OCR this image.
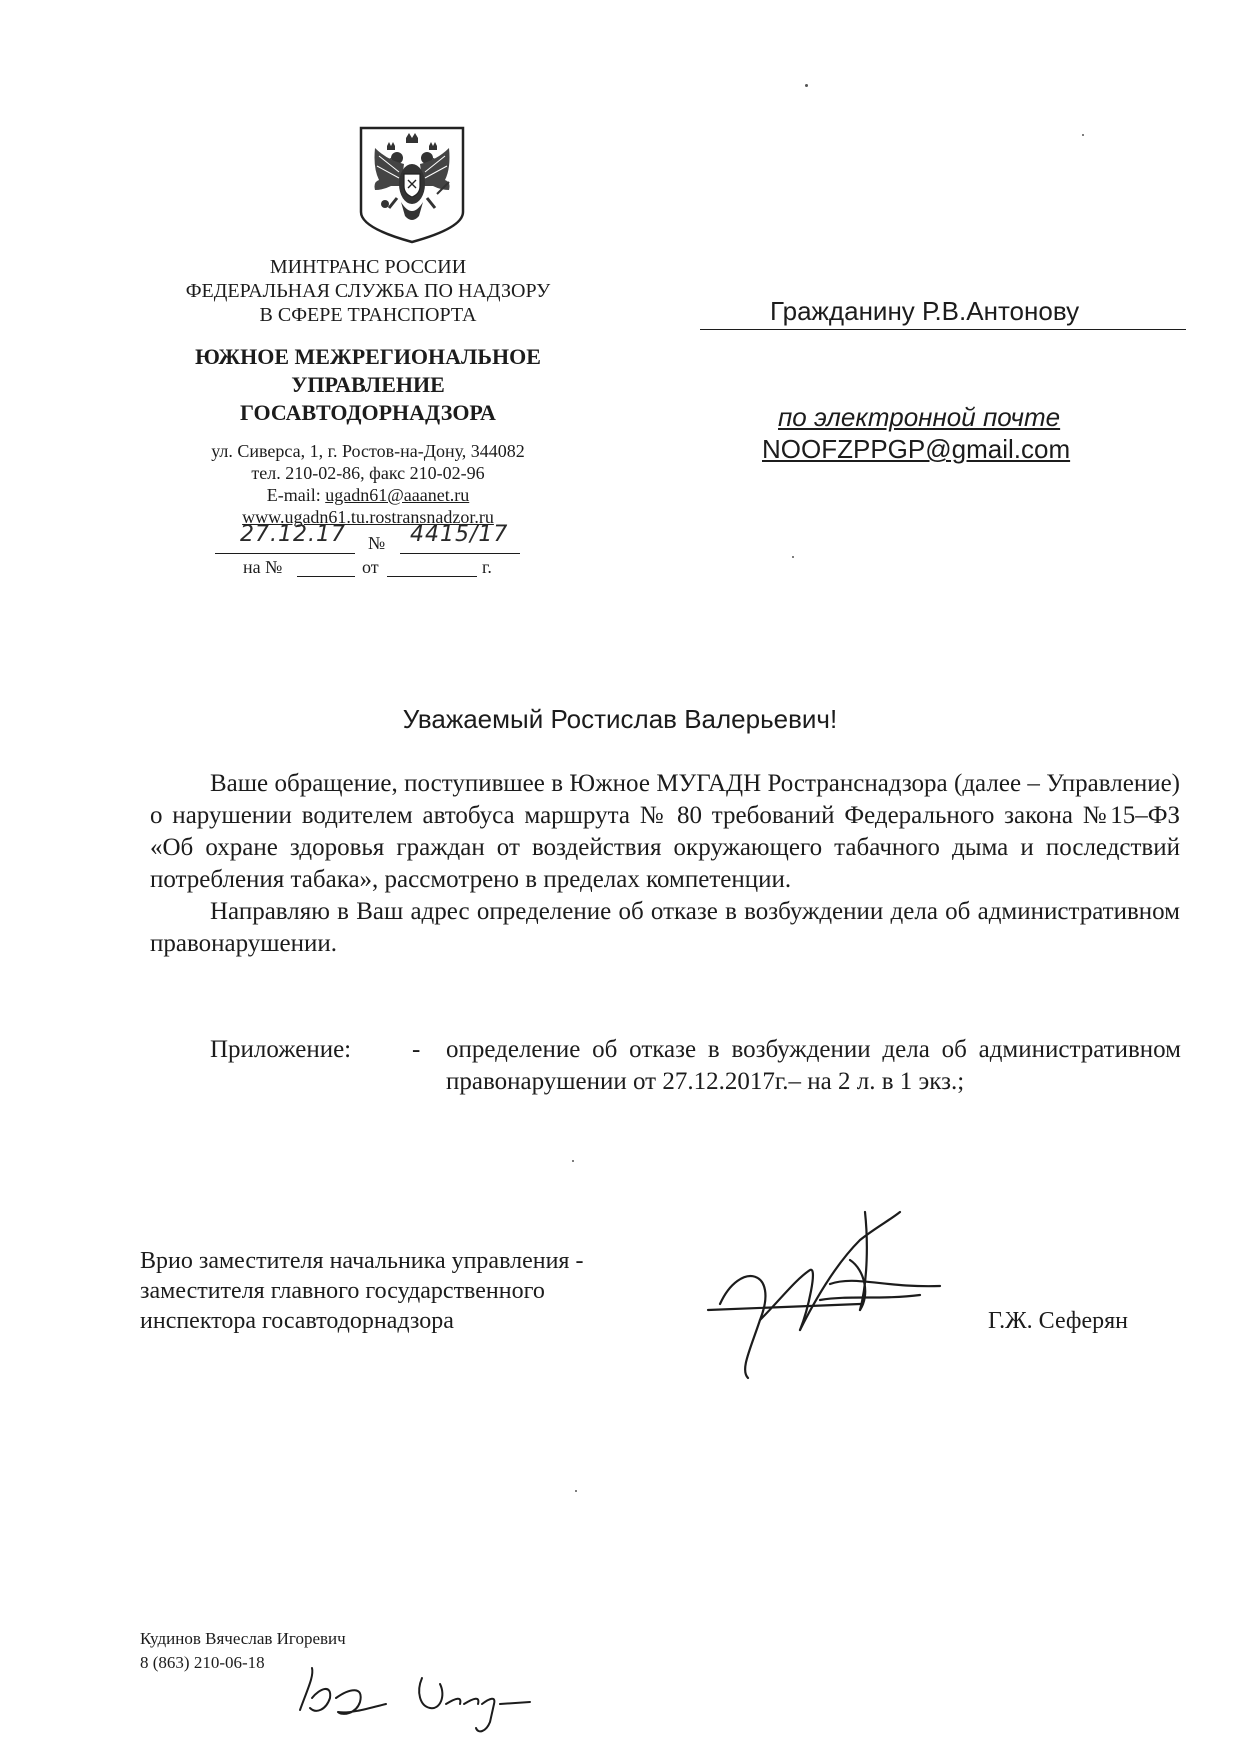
МИНТРАНС РОССИИ
ФЕДЕРАЛЬНАЯ СЛУЖБА ПО НАДЗОРУ
В СФЕРЕ ТРАНСПОРТА
ЮЖНОЕ МЕЖРЕГИОНАЛЬНОЕ
УПРАВЛЕНИЕ
ГОСАВТОДОРНАДЗОРА
ул. Сиверса, 1, г. Ростов-на-Дону, 344082
тел. 210-02-86, факс 210-02-96
E-mail: ugadn61@aaanet.ru
www.ugadn61.tu.rostransnadzor.ru
27.12.17 № 4415/17
на №	от	г.
Гражданину Р.В.Антонову
по электронной почте
NOOFZPPGP@gmail.com
Уважаемый Ростислав Валерьевич!

Ваше обращение, поступившее в Южное МУГАДН Ространснадзора (далее – Управление) о нарушении водителем автобуса маршрута № 80 требований Федерального закона №15–ФЗ «Об охране здоровья граждан от воздействия окружающего табачного дыма и последствий потребления табака», рассмотрено в пределах компетенции.

Направляю в Ваш адрес определение об отказе в возбуждении дела об административном правонарушении.

Приложение: - определение об отказе в возбуждении дела об административном правонарушении от 27.12.2017г.– на 2 л. в 1 экз.;
Врио заместителя начальника управления -
заместителя главного государственного
инспектора госавтодорнадзора	Г.Ж. Сеферян
Кудинов Вячеслав Игоревич
8 (863) 210-06-18
